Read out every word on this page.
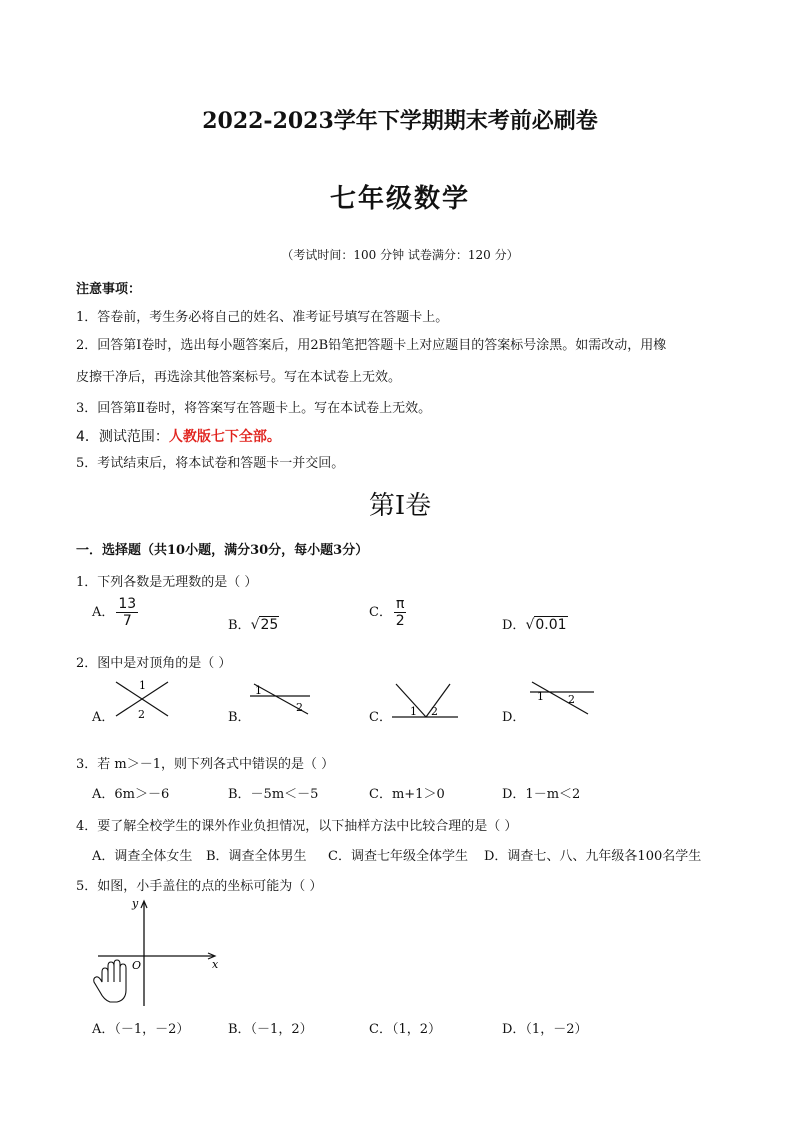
2022-2023学年下学期期末考前必刷卷
七年级数学
（考试时间：100 分钟 试卷满分：120 分）
注意事项：
1．答卷前，考生务必将自己的姓名、准考证号填写在答题卡上。
2．回答第Ⅰ卷时，选出每小题答案后，用2B铅笔把答题卡上对应题目的答案标号涂黑。如需改动，用橡
皮擦干净后，再选涂其他答案标号。写在本试卷上无效。
3．回答第Ⅱ卷时，将答案写在答题卡上。写在本试卷上无效。
4．测试范围：人教版七下全部。
5．考试结束后，将本试卷和答题卡一并交回。
第Ⅰ卷
一．选择题（共10小题，满分30分，每小题3分）
1．下列各数是无理数的是（ ）
A． $\frac{13}{7}$	B．√25
C． $\frac{\pi}{2}$	D．√0.01
2．图中是对顶角的是（ ）
A．	B．	C．	D．
1
2
1
2	1 2
1 2
3．若 m＞－1，则下列各式中错误的是（ ）
A．6m＞－6	B．－5m＜－5	C．m+1＞0	D．1－m＜2
4．要了解全校学生的课外作业负担情况，以下抽样方法中比较合理的是（ ）
A．调查全体女生 B．调查全体男生 C．调查七年级全体学生 D．调查七、八、九年级各100名学生
5．如图，小手盖住的点的坐标可能为（ ）
y
x
O
A．（－1，－2）	B．（－1，2）	C．（1，2）	D．（1，－2）
